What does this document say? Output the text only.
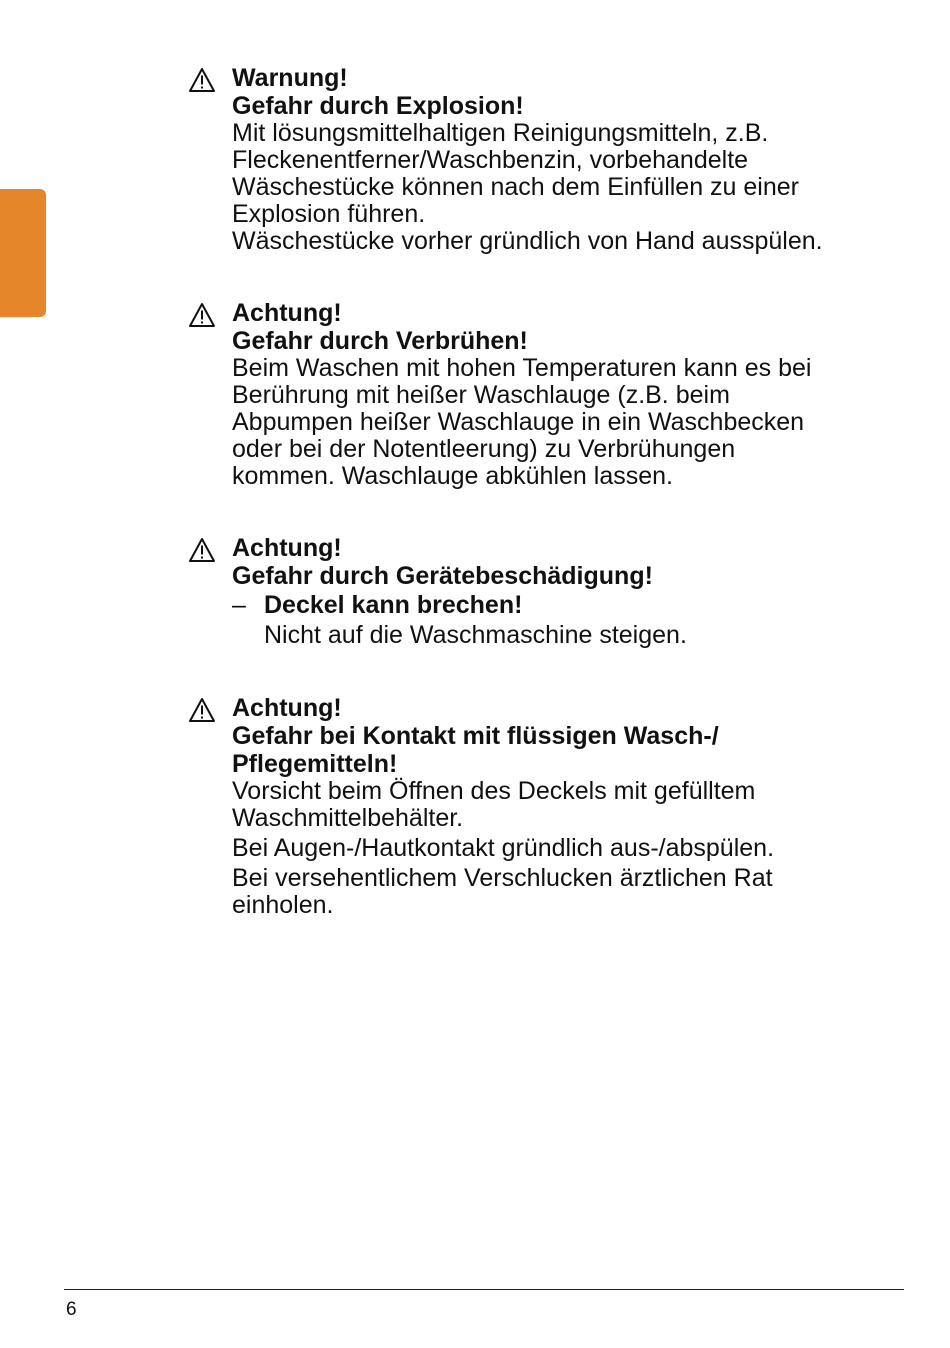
Warnung!
Gefahr durch Explosion!
Mit lösungsmittelhaltigen Reinigungsmitteln, z.B.
Fleckenentferner/Waschbenzin, vorbehandelte
Wäschestücke können nach dem Einfüllen zu einer
Explosion führen.
Wäschestücke vorher gründlich von Hand ausspülen.
Achtung!
Gefahr durch Verbrühen!
Beim Waschen mit hohen Temperaturen kann es bei
Berührung mit heißer Waschlauge (z.B. beim
Abpumpen heißer Waschlauge in ein Waschbecken
oder bei der Notentleerung) zu Verbrühungen
kommen. Waschlauge abkühlen lassen.
Achtung!
Gefahr durch Gerätebeschädigung!
– Deckel kann brechen!
Nicht auf die Waschmaschine steigen.
Achtung!
Gefahr bei Kontakt mit flüssigen Wasch-/
Pflegemitteln!
Vorsicht beim Öffnen des Deckels mit gefülltem
Waschmittelbehälter.
Bei Augen-/Hautkontakt gründlich aus-/abspülen.
Bei versehentlichem Verschlucken ärztlichen Rat
einholen.
6
